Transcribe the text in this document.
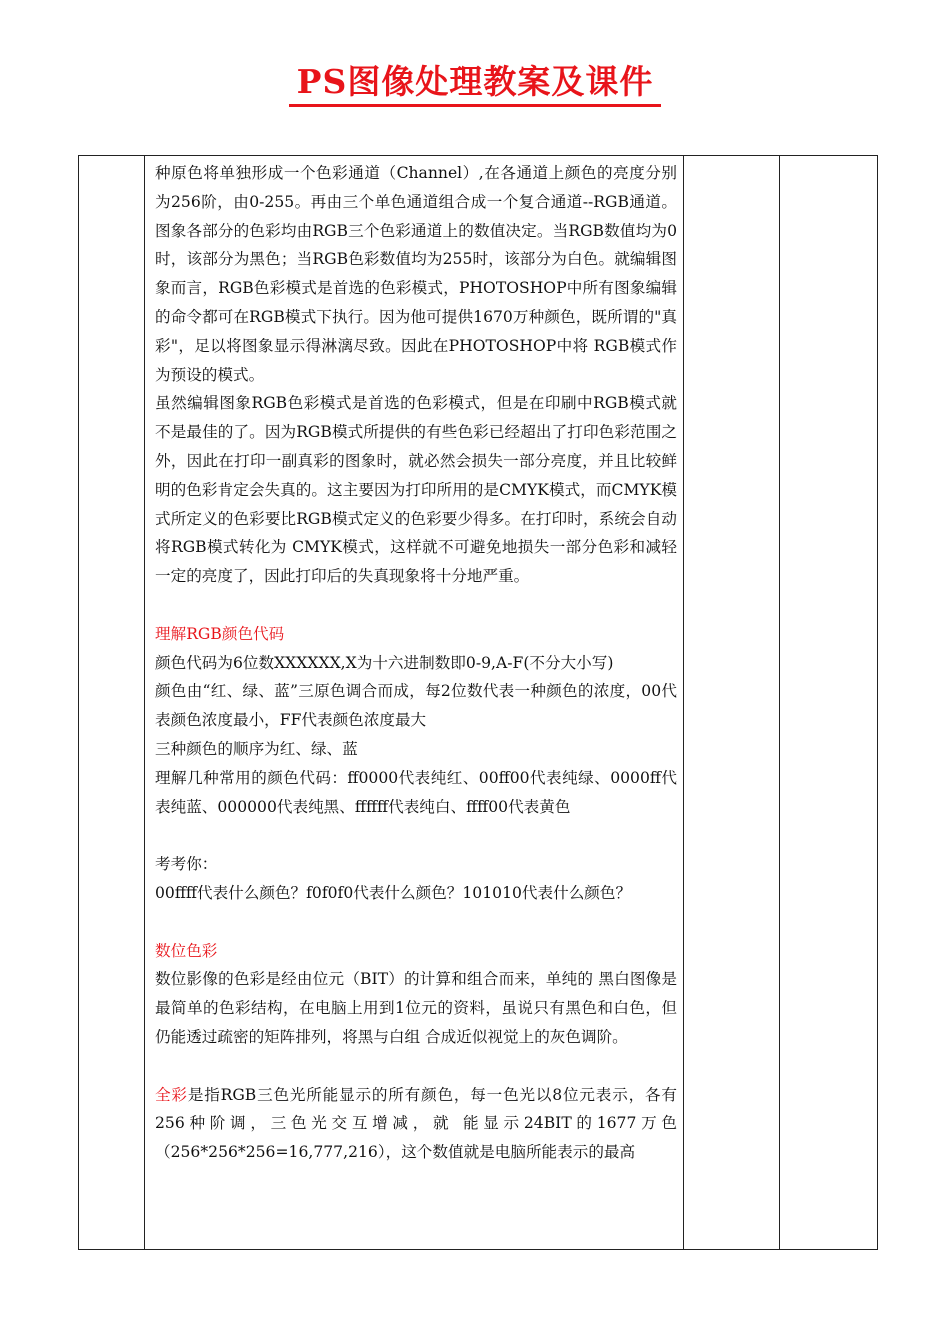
PS图像处理教案及课件

种原色将单独形成一个色彩通道（Channel）,在各通道上颜色的亮度分别为256阶，由0-255。再由三个单色通道组合成一个复合通道--RGB通道。图象各部分的色彩均由RGB三个色彩通道上的数值决定。当RGB数值均为0时，该部分为黑色；当RGB色彩数值均为255时，该部分为白色。就编辑图象而言，RGB色彩模式是首选的色彩模式，PHOTOSHOP中所有图象编辑的命令都可在RGB模式下执行。因为他可提供1670万种颜色，既所谓的"真彩"，足以将图象显示得淋漓尽致。因此在PHOTOSHOP中将 RGB模式作为预设的模式。

虽然编辑图象RGB色彩模式是首选的色彩模式，但是在印刷中RGB模式就不是最佳的了。因为RGB模式所提供的有些色彩已经超出了打印色彩范围之外，因此在打印一副真彩的图象时，就必然会损失一部分亮度，并且比较鲜明的色彩肯定会失真的。这主要因为打印所用的是CMYK模式，而CMYK模式所定义的色彩要比RGB模式定义的色彩要少得多。在打印时，系统会自动将RGB模式转化为 CMYK模式，这样就不可避免地损失一部分色彩和减轻一定的亮度了，因此打印后的失真现象将十分地严重。

理解RGB颜色代码

颜色代码为6位数XXXXXX,X为十六进制数即0-9,A-F(不分大小写)

颜色由“红、绿、蓝”三原色调合而成，每2位数代表一种颜色的浓度，00代表颜色浓度最小，FF代表颜色浓度最大

三种颜色的顺序为红、绿、蓝

理解几种常用的颜色代码：ff0000代表纯红、00ff00代表纯绿、0000ff代表纯蓝、000000代表纯黑、ffffff代表纯白、ffff00代表黄色

考考你：

00ffff代表什么颜色？f0f0f0代表什么颜色？101010代表什么颜色？

数位色彩

数位影像的色彩是经由位元（BIT）的计算和组合而来，单纯的 黑白图像是最简单的色彩结构，在电脑上用到1位元的资料，虽说只有黑色和白色，但仍能透过疏密的矩阵排列，将黑与白组 合成近似视觉上的灰色调阶。

全彩是指RGB三色光所能显示的所有颜色，每一色光以8位元表示，各有256种阶调，三色光交互增减，就 能显示24BIT的1677万色（256*256*256=16,777,216），这个数值就是电脑所能表示的最高
